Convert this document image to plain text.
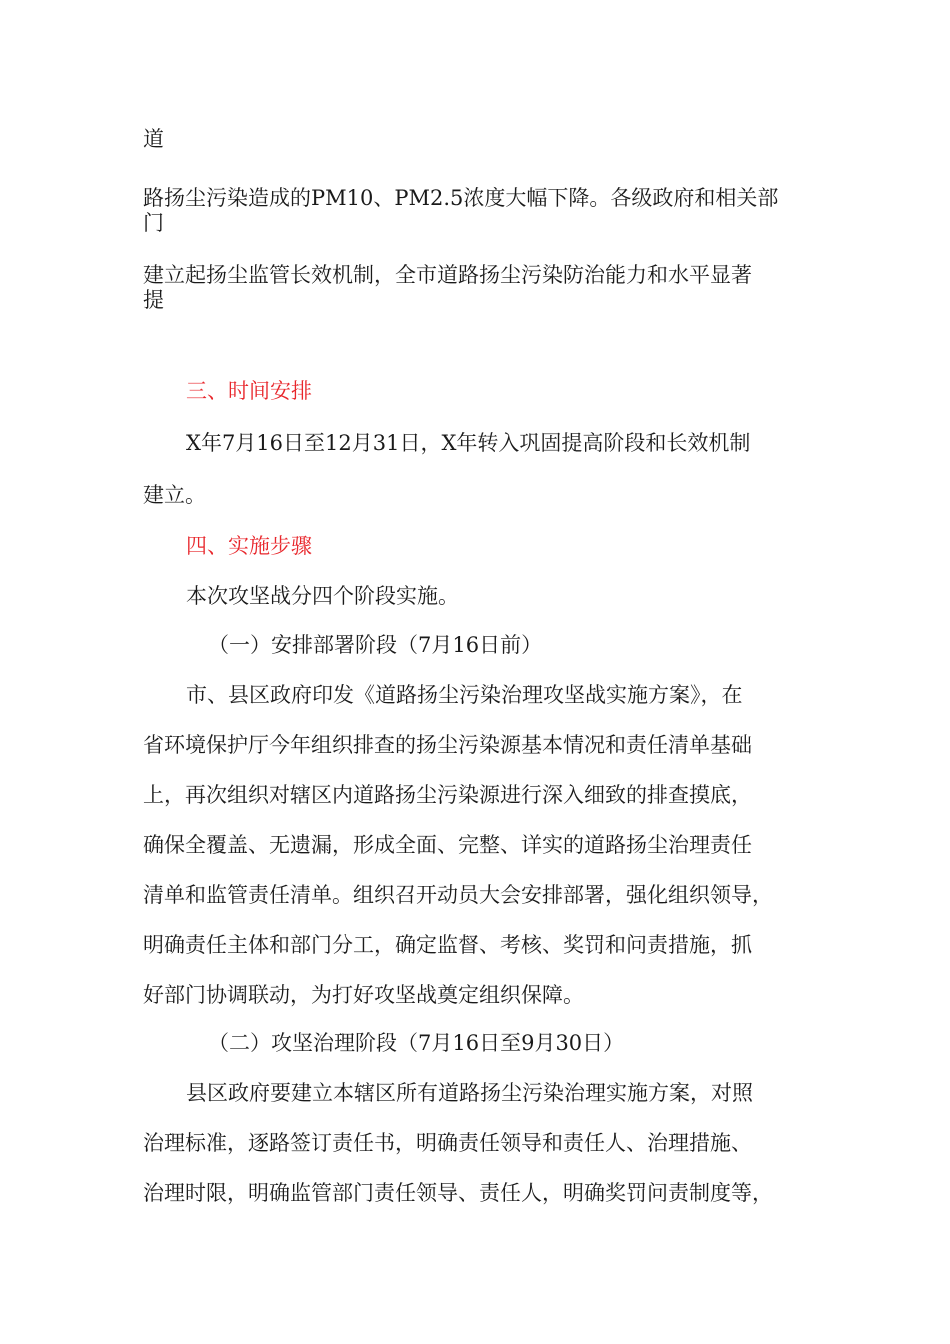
道

路扬尘污染造成的PM10、PM2.5浓度大幅下降。各级政府和相关部

门

建立起扬尘监管长效机制，全市道路扬尘污染防治能力和水平显著

提

三、时间安排

X年7月16日至12月31日，X年转入巩固提高阶段和长效机制

建立。

四、实施步骤

本次攻坚战分四个阶段实施。

（一）安排部署阶段（7月16日前）

市、县区政府印发《道路扬尘污染治理攻坚战实施方案》，在

省环境保护厅今年组织排查的扬尘污染源基本情况和责任清单基础

上，再次组织对辖区内道路扬尘污染源进行深入细致的排查摸底，

确保全覆盖、无遗漏，形成全面、完整、详实的道路扬尘治理责任

清单和监管责任清单。组织召开动员大会安排部署，强化组织领导，

明确责任主体和部门分工，确定监督、考核、奖罚和问责措施，抓

好部门协调联动，为打好攻坚战奠定组织保障。

（二）攻坚治理阶段（7月16日至9月30日）

县区政府要建立本辖区所有道路扬尘污染治理实施方案，对照

治理标准，逐路签订责任书，明确责任领导和责任人、治理措施、

治理时限，明确监管部门责任领导、责任人，明确奖罚问责制度等，
